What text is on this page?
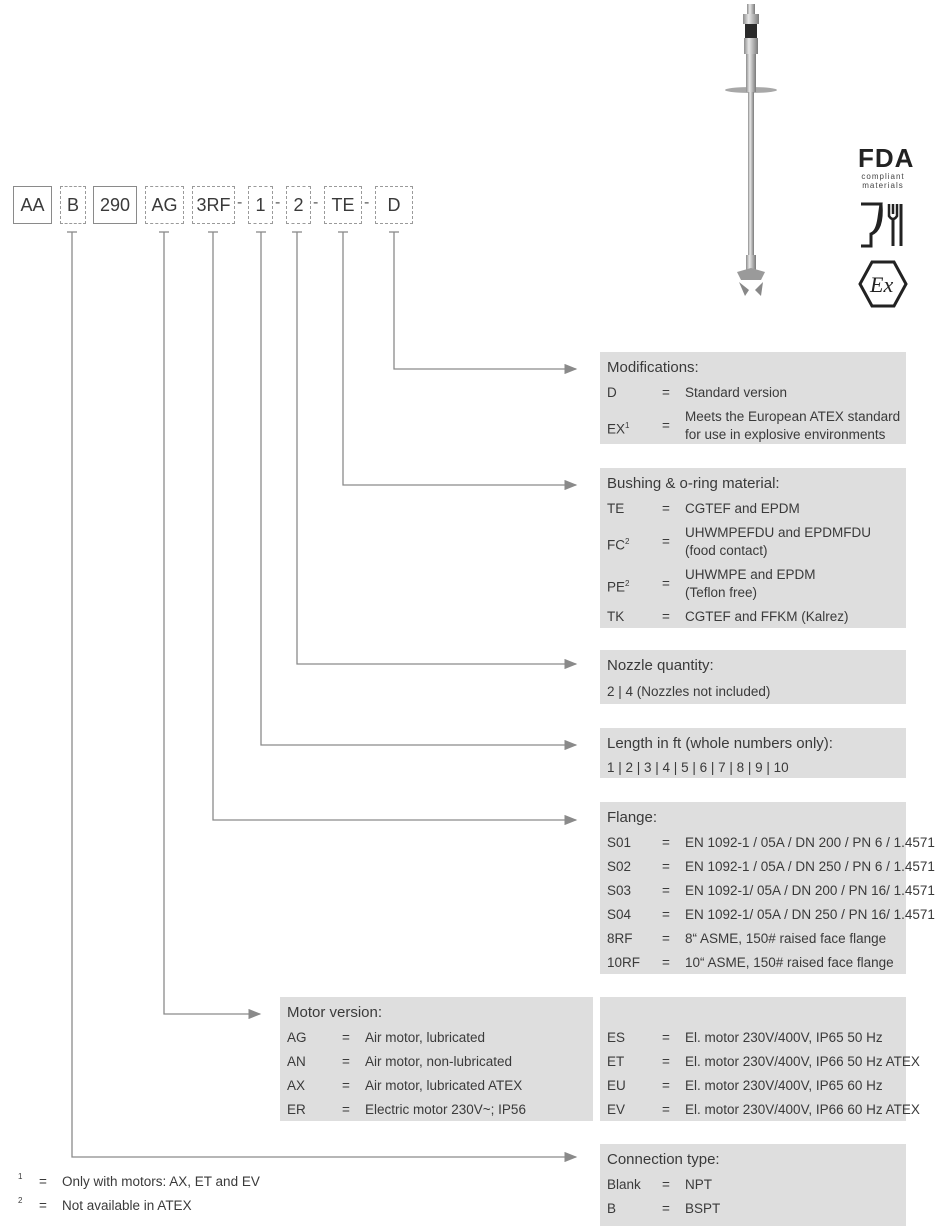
FDA
compliant
materials
Ex
AA	B	290	AG	3RF - 1 - 2 - TE -	D
Modifications:
D	= Standard version
$EX^1$ =
Meets the European ATEX standard
for use in explosive environments
Bushing & o-ring material:
TE	= CGTEF and EPDM
$FC^2$ =
UHWMPEFDU and EPDMFDU
(food contact)
$PE^2$ =
UHWMPE and EPDM
(Teflon free)
TK	= CGTEF and FFKM (Kalrez)
Nozzle quantity:
2 | 4 (Nozzles not included)
Length in ft (whole numbers only):
1 | 2 | 3 | 4 | 5 | 6 | 7 | 8 | 9 | 10
Flange:
S01 = EN 1092-1 / 05A / DN 200 / PN 6 / 1.4571
S02 = EN 1092-1 / 05A / DN 250 / PN 6 / 1.4571
S03 = EN 1092-1/ 05A / DN 200 / PN 16/ 1.4571
S04 = EN 1092-1/ 05A / DN 250 / PN 16/ 1.4571
8RF = 8“ ASME, 150# raised face flange
10RF = 10“ ASME, 150# raised face flange
Motor version:
AG	= Air motor, lubricated
AN	= Air motor, non-lubricated
AX	= Air motor, lubricated ATEX
ER	= Electric motor 230V~; IP56
ES	= El. motor 230V/400V, IP65 50 Hz
ET	= El. motor 230V/400V, IP66 50 Hz ATEX
EU	= El. motor 230V/400V, IP65 60 Hz
EV	= El. motor 230V/400V, IP66 60 Hz ATEX
Connection type:
Blank = NPT
B	= BSPT
1 = Only with motors: AX, ET and EV
2 = Not available in ATEX
